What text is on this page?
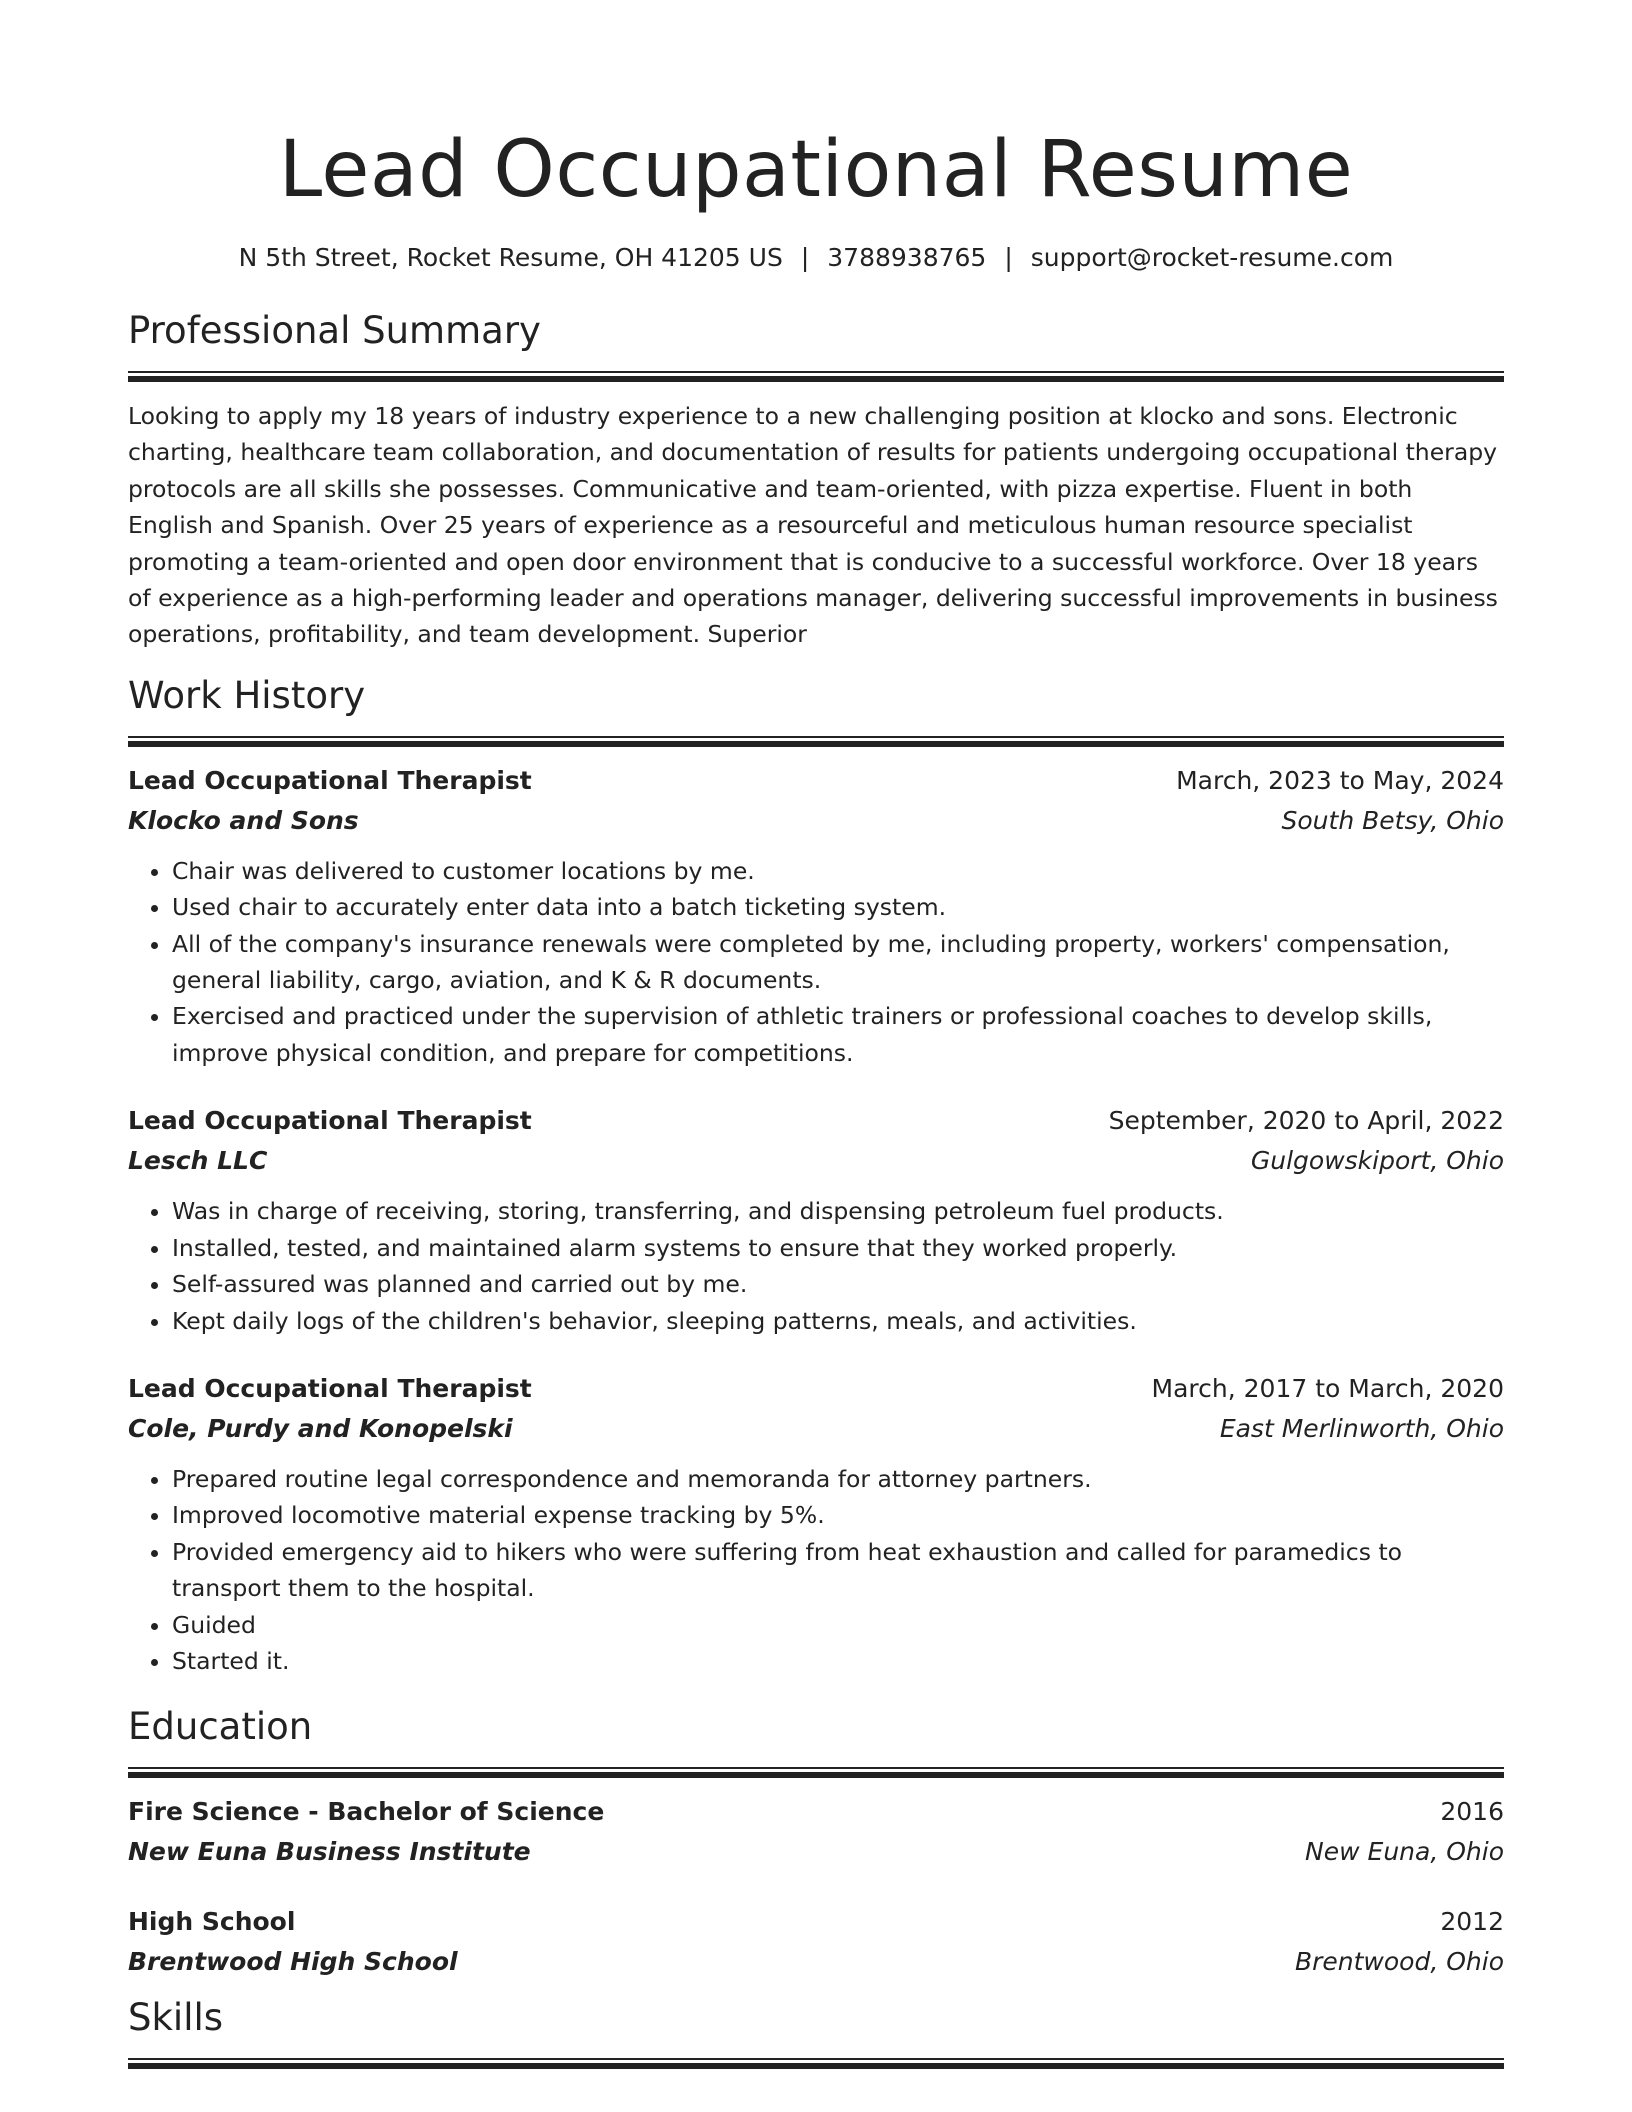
Lead Occupational Resume
N 5th Street, Rocket Resume, OH 41205 US | 3788938765 | support@rocket-resume.com
Professional Summary
Looking to apply my 18 years of industry experience to a new challenging position at klocko and sons. Electronic charting, healthcare team collaboration, and documentation of results for patients undergoing occupational therapy protocols are all skills she possesses. Communicative and team-oriented, with pizza expertise. Fluent in both English and Spanish. Over 25 years of experience as a resourceful and meticulous human resource specialist promoting a team-oriented and open door environment that is conducive to a successful workforce. Over 18 years of experience as a high-performing leader and operations manager, delivering successful improvements in business operations, profitability, and team development. Superior
Work History
Lead Occupational Therapist	March, 2023 to May, 2024
Klocko and Sons	South Betsy, Ohio
• Chair was delivered to customer locations by me.
• Used chair to accurately enter data into a batch ticketing system.
• All of the company's insurance renewals were completed by me, including property, workers' compensation, general liability, cargo, aviation, and K & R documents.
• Exercised and practiced under the supervision of athletic trainers or professional coaches to develop skills, improve physical condition, and prepare for competitions.
Lead Occupational Therapist	September, 2020 to April, 2022
Lesch LLC	Gulgowskiport, Ohio
• Was in charge of receiving, storing, transferring, and dispensing petroleum fuel products.
• Installed, tested, and maintained alarm systems to ensure that they worked properly.
• Self-assured was planned and carried out by me.
• Kept daily logs of the children's behavior, sleeping patterns, meals, and activities.
Lead Occupational Therapist	March, 2017 to March, 2020
Cole, Purdy and Konopelski	East Merlinworth, Ohio
• Prepared routine legal correspondence and memoranda for attorney partners.
• Improved locomotive material expense tracking by 5%.
• Provided emergency aid to hikers who were suffering from heat exhaustion and called for paramedics to transport them to the hospital.
• Guided
• Started it.
Education
Fire Science - Bachelor of Science	2016
New Euna Business Institute	New Euna, Ohio
High School	2012
Brentwood High School	Brentwood, Ohio
Skills
